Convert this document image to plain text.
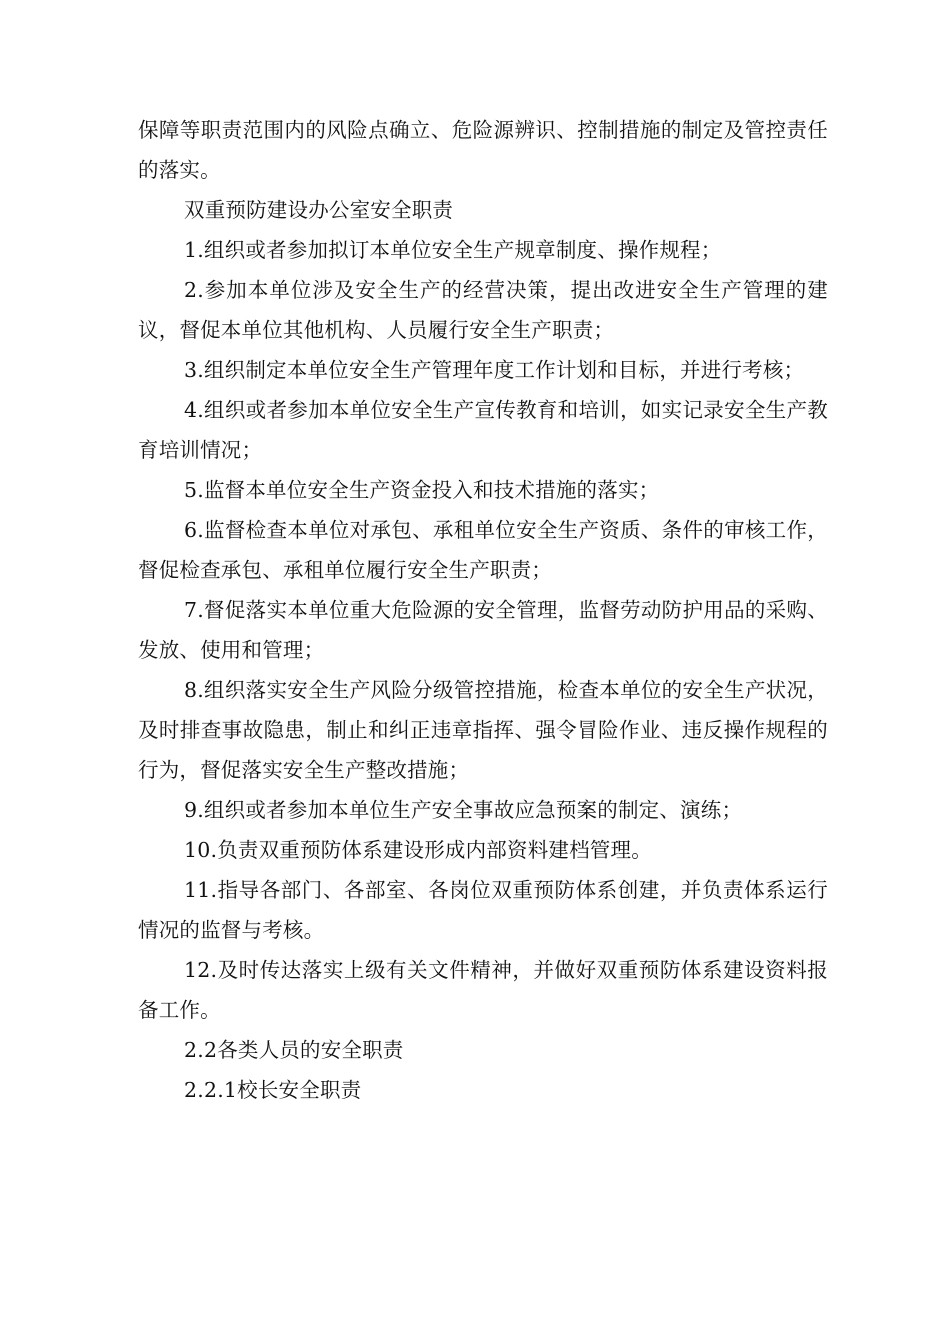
保障等职责范围内的风险点确立、危险源辨识、控制措施的制定及管控责任的落实。

双重预防建设办公室安全职责

1.组织或者参加拟订本单位安全生产规章制度、操作规程；

2.参加本单位涉及安全生产的经营决策，提出改进安全生产管理的建议，督促本单位其他机构、人员履行安全生产职责；

3.组织制定本单位安全生产管理年度工作计划和目标，并进行考核；

4.组织或者参加本单位安全生产宣传教育和培训，如实记录安全生产教育培训情况；

5.监督本单位安全生产资金投入和技术措施的落实；

6.监督检查本单位对承包、承租单位安全生产资质、条件的审核工作，督促检查承包、承租单位履行安全生产职责；

7.督促落实本单位重大危险源的安全管理，监督劳动防护用品的采购、发放、使用和管理；

8.组织落实安全生产风险分级管控措施，检查本单位的安全生产状况，及时排查事故隐患，制止和纠正违章指挥、强令冒险作业、违反操作规程的行为，督促落实安全生产整改措施；

9.组织或者参加本单位生产安全事故应急预案的制定、演练；

10.负责双重预防体系建设形成内部资料建档管理。

11.指导各部门、各部室、各岗位双重预防体系创建，并负责体系运行情况的监督与考核。

12.及时传达落实上级有关文件精神，并做好双重预防体系建设资料报备工作。

2.2各类人员的安全职责

2.2.1校长安全职责
